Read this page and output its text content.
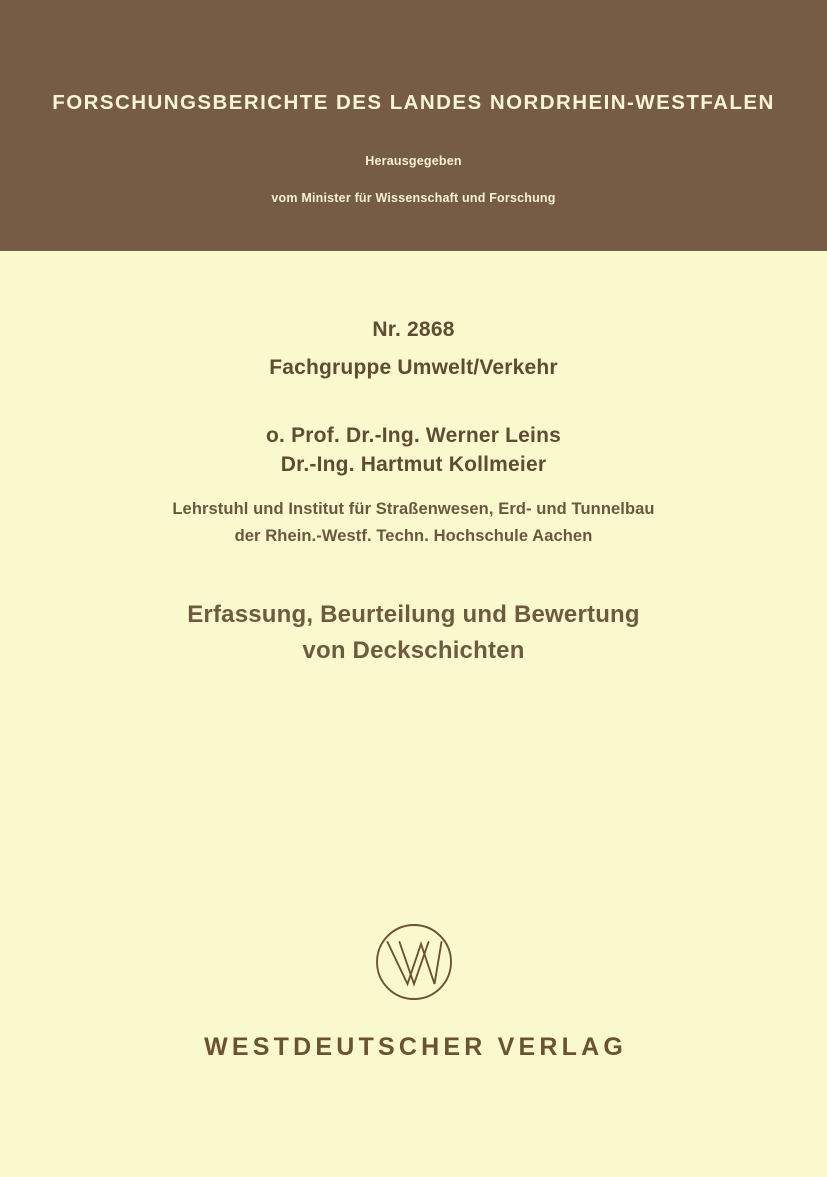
FORSCHUNGSBERICHTE DES LANDES NORDRHEIN-WESTFALEN
Herausgegeben
vom Minister für Wissenschaft und Forschung
Nr. 2868
Fachgruppe Umwelt/Verkehr
o. Prof. Dr.-Ing. Werner Leins
Dr.-Ing. Hartmut Kollmeier
Lehrstuhl und Institut für Straßenwesen, Erd- und Tunnelbau
der Rhein.-Westf. Techn. Hochschule Aachen
Erfassung, Beurteilung und Bewertung
von Deckschichten
WESTDEUTSCHER VERLAG
